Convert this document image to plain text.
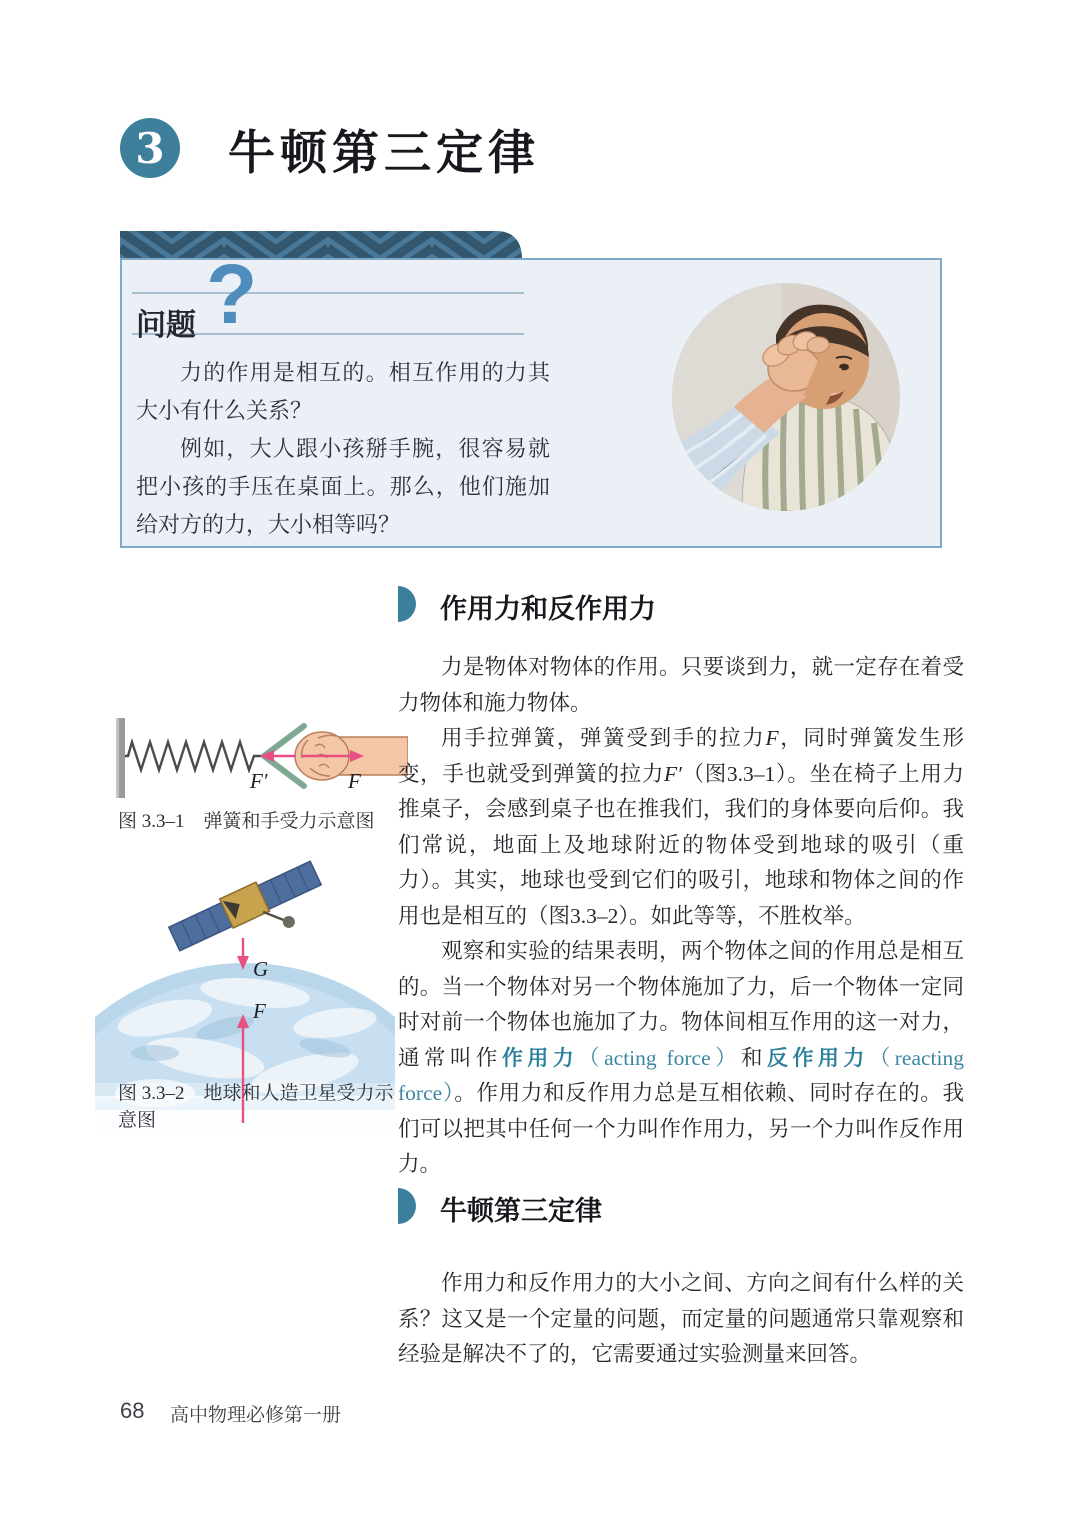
3 牛顿第三定律
问题 ?

力的作用是相互的。相互作用的力其大小有什么关系？

例如，大人跟小孩掰手腕，很容易就把小孩的手压在桌面上。那么，他们施加给对方的力，大小相等吗？

F′	F
图 3.3–1　弹簧和手受力示意图
G
F
图 3.3–2　地球和人造卫星受力示意图
作用力和反作用力

力是物体对物体的作用。只要谈到力，就一定存在着受力物体和施力物体。

用手拉弹簧，弹簧受到手的拉力F，同时弹簧发生形变，手也就受到弹簧的拉力F′（图3.3–1）。坐在椅子上用力推桌子，会感到桌子也在推我们，我们的身体要向后仰。我们常说，地面上及地球附近的物体受到地球的吸引（重力）。其实，地球也受到它们的吸引，地球和物体之间的作用也是相互的（图3.3–2）。如此等等，不胜枚举。

观察和实验的结果表明，两个物体之间的作用总是相互的。当一个物体对另一个物体施加了力，后一个物体一定同时对前一个物体也施加了力。物体间相互作用的这一对力，通常叫作作用力（acting force）和反作用力（reacting force）。作用力和反作用力总是互相依赖、同时存在的。我们可以把其中任何一个力叫作作用力，另一个力叫作反作用力。

牛顿第三定律

作用力和反作用力的大小之间、方向之间有什么样的关系？这又是一个定量的问题，而定量的问题通常只靠观察和经验是解决不了的，它需要通过实验测量来回答。

68 高中物理必修第一册
